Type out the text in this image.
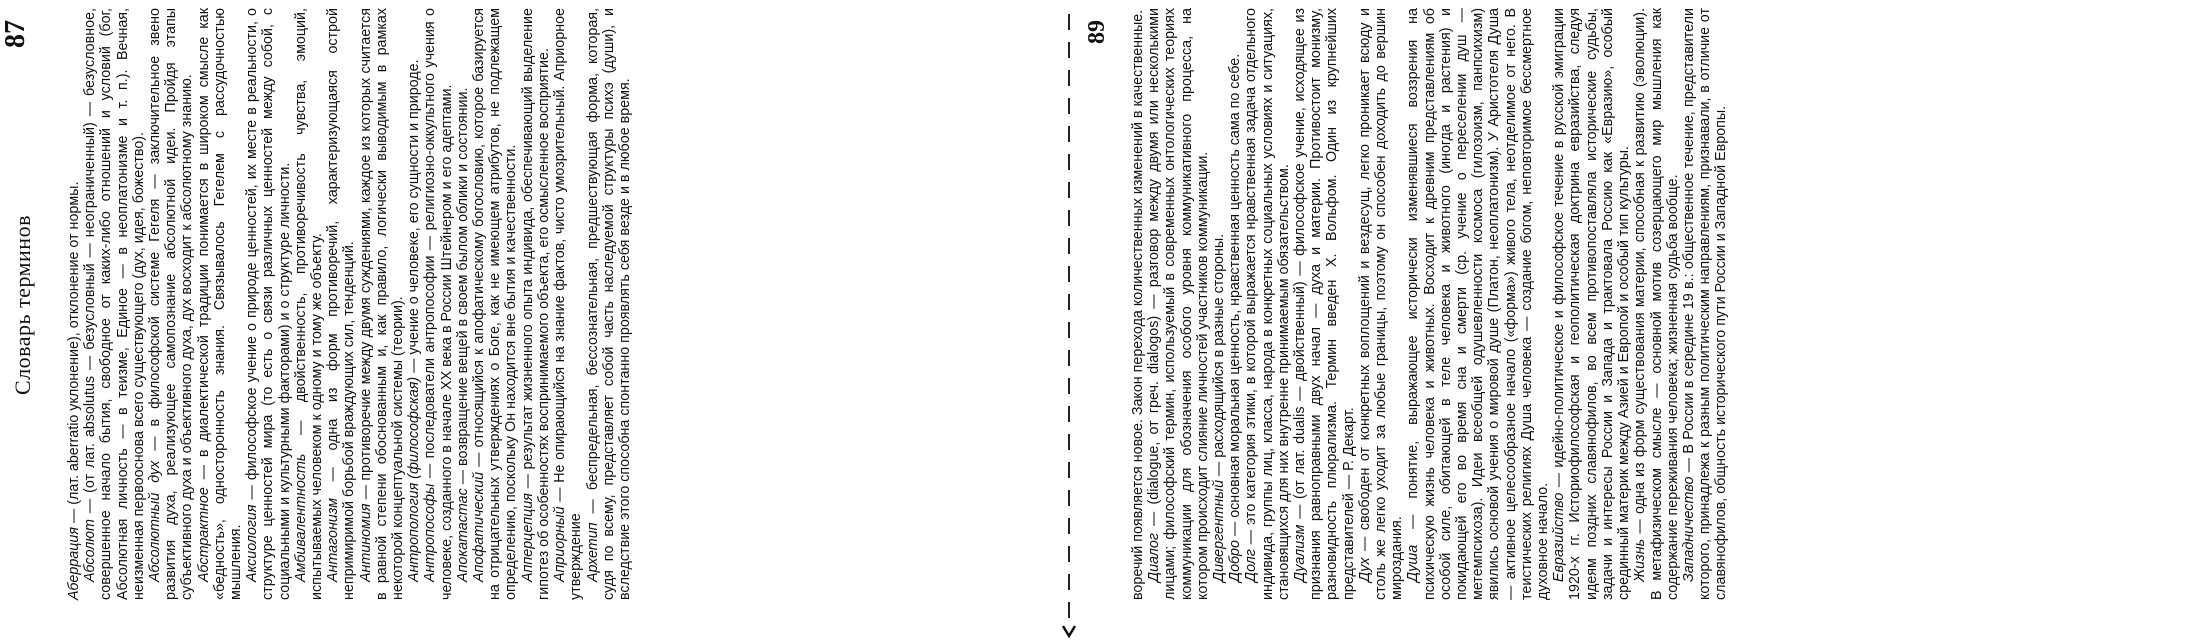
Словарь терминов
87

Аберрация — (лат. aberratio уклонение), отклонение от нормы.

Абсолют — (от лат. absolutus — безусловный — неограниченный) — безусловное, совершенное начало бытия, свободное от каких-либо отношений и условий (бог, Абсолютная личность — в теизме, Единое — в неоплатонизме и т. п.). Вечная, неизменная первооснова всего существующего (дух, идея, божество). Абсолютный дух — в философской системе Гегеля — заключительное звено развития духа, реализующее самопознание абсолютной идеи. Пройдя этапы субъективного духа и объективного духа, дух восходит к абсолютному знанию. Абстрактное — в диалектической традиции понимается в широком смысле как «бедность», односторонность знания. Связывалось Гегелем с рассудочностью мышления. Аксиология — философское учение о природе ценностей, их месте в реальности, о структуре ценностей мира (то есть о связи различных ценностей между собой, с социальными и культурными факторами) и о структуре личности. Амбивалентность — двойственность, противоречивость чувства, эмоций, испытываемых человеком к одному и тому же объекту. Антагонизм — одна из форм противоречий, характеризующаяся острой непримиримой борьбой враждующих сил, тенденций. Антиномия — противоречие между двумя суждениями, каждое из которых считается в равной степени обоснованным и, как правило, логически выводимым в рамках некоторой концептуальной системы (теории). Антропология (философская) — учение о человеке, его сущности и природе.

Антропософы — последователи антропософии — религиозно-оккультного учения о человеке, созданного в начале XX века в России Штейнером и его адептами. Апокатастас — возвращение вещей в своем былом облики и состоянии.

Апофатический — относящийся к апофатическому богословию, которое базируется на отрицательных утверждениях о Боге, как не имеющем атрибутов, не подлежащем определению, поскольку Он находится вне бытия и качественности. Апперцепция — результат жизненного опыта индивида, обеспечивающий выделение гипотез об особенностях воспринимаемого объекта, его осмысленное восприятие. Априорный — Не опирающийся на знание фактов, чисто умозрительный. Априорное утверждение Архетип — беспредельная, бессознательная, предшествующая форма, которая, судя по всему, представляет собой часть наследуемой структуры психэ (души), и вследствие этого способна спонтанно проявлять себя везде и в любое время.

89 воречий появляется новое. Закон перехода количественных изменений в качественные. Диалог — (dialogue, от греч. dialogos) — разговор между двумя или несколькими лицами; философский термин, используемый в современных онтологических теориях коммуникации для обозначения особого уровня коммуникативного процесса, на котором происходит слияние личностей участников коммуникации. Дивергентный — расходящийся в разные стороны.

Добро — основная моральная ценность, нравственная ценность сама по себе.

Долг — это категория этики, в которой выражается нравственная задача отдельного индивида, группы лиц, класса, народа в конкретных социальных условиях и ситуациях, становящихся для них внутренне принимаемым обязательством. Дуализм — (от лат. dualis — двойственный) — философское учение, исходящее из признания равноправными двух начал — духа и материи. Противостоит монизму, разновидность плюрализма. Термин введен Х. Вольфом. Один из крупнейших представителей — Р. Декарт. Дух — свободен от конкретных воплощений и вездесущ, легко проникает всюду и столь же легко уходит за любые границы, поэтому он способен доходить до вершин мироздания. Душа — понятие, выражающее исторически изменявшиеся воззрения на психическую жизнь человека и животных. Восходит к древним представлениям об особой силе, обитающей в теле человека и животного (иногда и растения) и покидающей его во время сна и смерти (ср. учение о переселении душ — метемпсихоза). Идеи всеобщей одушевленности космоса (гилозоизм, панпсихизм) явились основой учения о мировой душе (Платон, неоплатонизм). У Аристотеля Душа — активное целесообразное начало («форма») живого тела, неотделимое от него. В теистических религиях Душа человека — создание богом, неповторимое бессмертное духовное начало. Евразийство — идейно-политическое и философское течение в русской эмиграции 1920-х гг. Историофилософская и геополитическая доктрина евразийства, следуя идеям поздних славянофилов, во всем противопоставляла исторические судьбы, задачи и интересы России и Запада и трактовала Россию как «Евразию», особый срединный материк между Азией и Европой и особый тип культуры. Жизнь — одна из форм существования материи, способная к развитию (эволюции). В метафизическом смысле — основной мотив созерцающего мир мышления как содержание переживания человека; жизненная судьба вообще. Западничество — В России в середине 19 в.: общественное течение, представители которого, принадлежа к разным политическим направлениям, признавали, в отличие от славянофилов, общность исторического пути России и Западной Европы.
